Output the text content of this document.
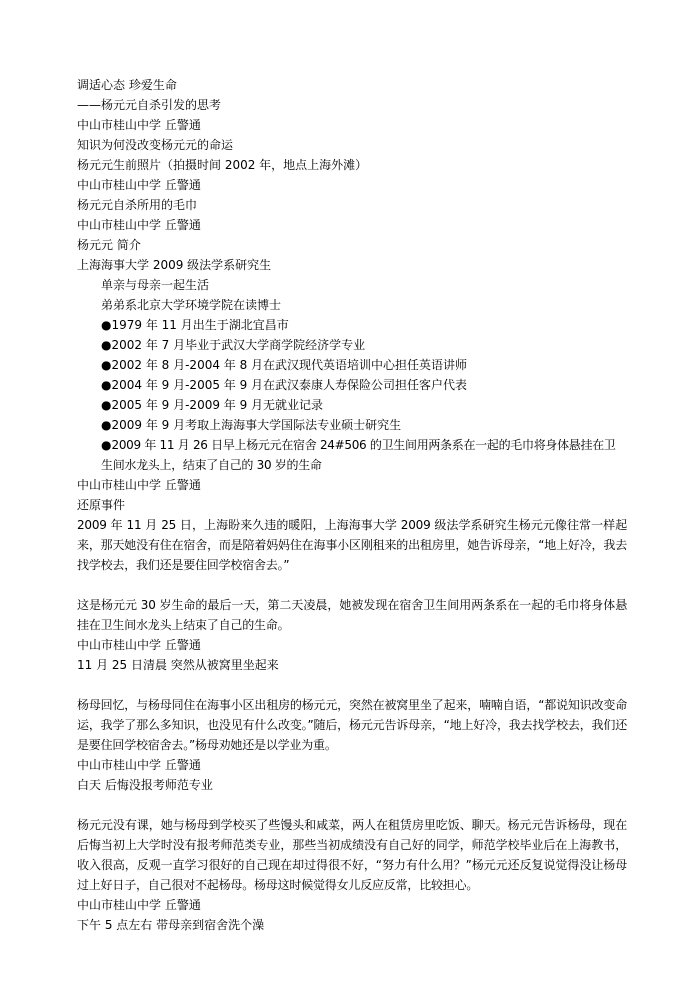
调适心态 珍爱生命

——杨元元自杀引发的思考

中山市桂山中学 丘警通

知识为何没改变杨元元的命运

杨元元生前照片（拍摄时间 2002 年，地点上海外滩）

中山市桂山中学 丘警通

杨元元自杀所用的毛巾

中山市桂山中学 丘警通

杨元元 简介

上海海事大学 2009 级法学系研究生

单亲与母亲一起生活

弟弟系北京大学环境学院在读博士

●1979 年 11 月出生于湖北宜昌市
●2002 年 7 月毕业于武汉大学商学院经济学专业
●2002 年 8 月-2004 年 8 月在武汉现代英语培训中心担任英语讲师
●2004 年 9 月-2005 年 9 月在武汉泰康人寿保险公司担任客户代表
●2005 年 9 月-2009 年 9 月无就业记录
●2009 年 9 月考取上海海事大学国际法专业硕士研究生
●2009 年 11 月 26 日早上杨元元在宿舍 24#506 的卫生间用两条系在一起的毛巾将身体悬挂在卫生间水龙头上，结束了自己的 30 岁的生命

中山市桂山中学 丘警通

还原事件

2009 年 11 月 25 日，上海盼来久违的暖阳，上海海事大学 2009 级法学系研究生杨元元像往常一样起来，那天她没有住在宿舍，而是陪着妈妈住在海事小区刚租来的出租房里，她告诉母亲，“地上好冷，我去找学校去，我们还是要住回学校宿舍去。”

这是杨元元 30 岁生命的最后一天，第二天凌晨，她被发现在宿舍卫生间用两条系在一起的毛巾将身体悬挂在卫生间水龙头上结束了自己的生命。

中山市桂山中学 丘警通

11 月 25 日清晨 突然从被窝里坐起来

杨母回忆，与杨母同住在海事小区出租房的杨元元，突然在被窝里坐了起来，喃喃自语，“都说知识改变命运，我学了那么多知识，也没见有什么改变。”随后，杨元元告诉母亲，“地上好冷，我去找学校去，我们还是要住回学校宿舍去。”杨母劝她还是以学业为重。

中山市桂山中学 丘警通

白天 后悔没报考师范专业

杨元元没有课，她与杨母到学校买了些馒头和咸菜，两人在租赁房里吃饭、聊天。杨元元告诉杨母，现在后悔当初上大学时没有报考师范类专业，那些当初成绩没有自己好的同学，师范学校毕业后在上海教书，收入很高，反观一直学习很好的自己现在却过得很不好，“努力有什么用？”杨元元还反复说觉得没让杨母过上好日子，自己很对不起杨母。杨母这时候觉得女儿反应反常，比较担心。

中山市桂山中学 丘警通

下午 5 点左右 带母亲到宿舍洗个澡
